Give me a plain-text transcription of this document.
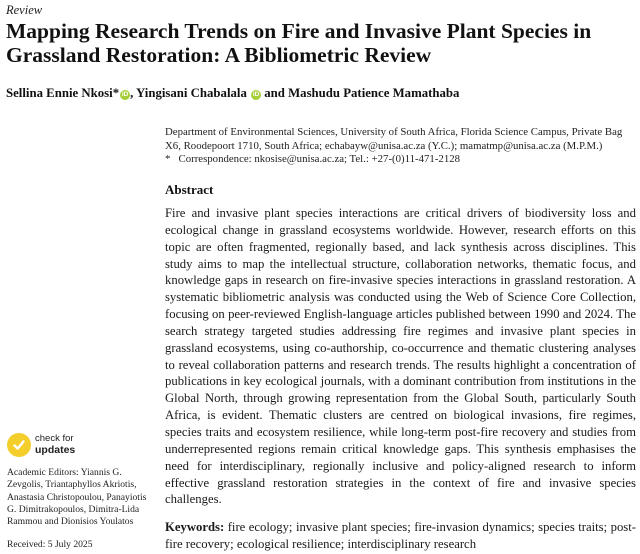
Review
Mapping Research Trends on Fire and Invasive Plant Species in Grassland Restoration: A Bibliometric Review
Sellina Ennie Nkosi* iD , Yingisani Chabalala iD and Mashudu Patience Mamathaba

Department of Environmental Sciences, University of South Africa, Florida Science Campus, Private Bag X6, Roodepoort 1710, South Africa; echabayw@unisa.ac.za (Y.C.); mamatmp@unisa.ac.za (M.P.M.)

*   Correspondence: nkosise@unisa.ac.za; Tel.: +27-(0)11-471-2128

Abstract

Fire and invasive plant species interactions are critical drivers of biodiversity loss and ecological change in grassland ecosystems worldwide. However, research efforts on this topic are often fragmented, regionally based, and lack synthesis across disciplines. This study aims to map the intellectual structure, collaboration networks, thematic focus, and knowledge gaps in research on fire-invasive species interactions in grassland restoration. A systematic bibliometric analysis was conducted using the Web of Science Core Collection, focusing on peer-reviewed English-language articles published between 1990 and 2024. The search strategy targeted studies addressing fire regimes and invasive plant species in grassland ecosystems, using co-authorship, co-occurrence and thematic clustering analyses to reveal collaboration patterns and research trends. The results highlight a concentration of publications in key ecological journals, with a dominant contribution from institutions in the Global North, through growing representation from the Global South, particularly South Africa, is evident. Thematic clusters are centred on biological invasions, fire regimes, species traits and ecosystem resilience, while long-term post-fire recovery and studies from underrepresented regions remain critical knowledge gaps. This synthesis emphasises the need for interdisciplinary, regionally inclusive and policy-aligned research to inform effective grassland restoration strategies in the context of fire and invasive species challenges.

Keywords: fire ecology; invasive plant species; fire-invasion dynamics; species traits; post-fire recovery; ecological resilience; interdisciplinary research

check for
updates
Academic Editors: Yiannis G. Zevgolis, Triantaphyllos Akriotis, Anastasia Christopoulou, Panayiotis G. Dimitrakopoulos, Dimitra-Lida Rammou and Dionisios Youlatos
Received: 5 July 2025
